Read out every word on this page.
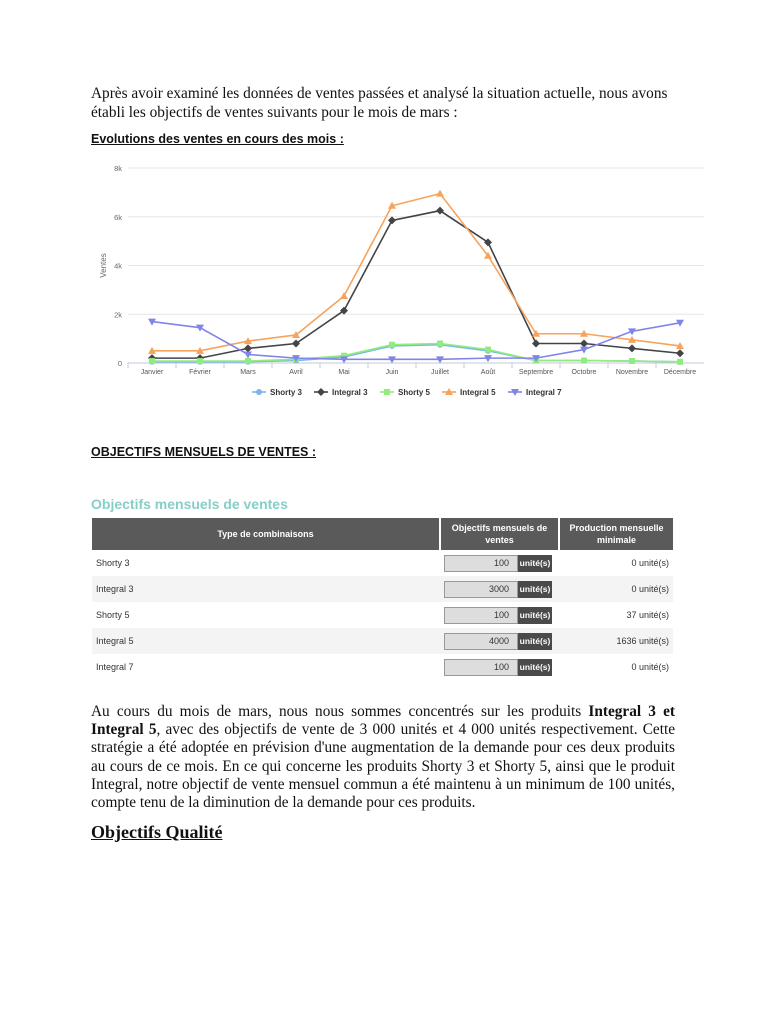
Après avoir examiné les données de ventes passées et analysé la situation actuelle, nous avons établi les objectifs de ventes suivants pour le mois de mars :

Evolutions des ventes en cours des mois :
0
2k
4k
6k
8k
Ventes
Janvier	Février	Mars	Avril	Mai	Juin	Juillet	Août	Septembre	Octobre	Novembre Décembre
Shorty 3	Integral 3	Shorty 5	Integral 5	Integral 7
OBJECTIFS MENSUELS DE VENTES :
Objectifs mensuels de ventes
Type de combinaisons	Objectifs mensuels de ventes	Production mensuelle minimale
Shorty 3	100 unité(s)	0 unité(s)
Integral 3	3000 unité(s)	0 unité(s)
Shorty 5	100 unité(s)	37 unité(s)
Integral 5	4000 unité(s)	1636 unité(s)
Integral 7	100 unité(s)	0 unité(s)

Au cours du mois de mars, nous nous sommes concentrés sur les produits Integral 3 et Integral 5, avec des objectifs de vente de 3 000 unités et 4 000 unités respectivement. Cette stratégie a été adoptée en prévision d'une augmentation de la demande pour ces deux produits au cours de ce mois. En ce qui concerne les produits Shorty 3 et Shorty 5, ainsi que le produit Integral, notre objectif de vente mensuel commun a été maintenu à un minimum de 100 unités, compte tenu de la diminution de la demande pour ces produits.

Objectifs Qualité
